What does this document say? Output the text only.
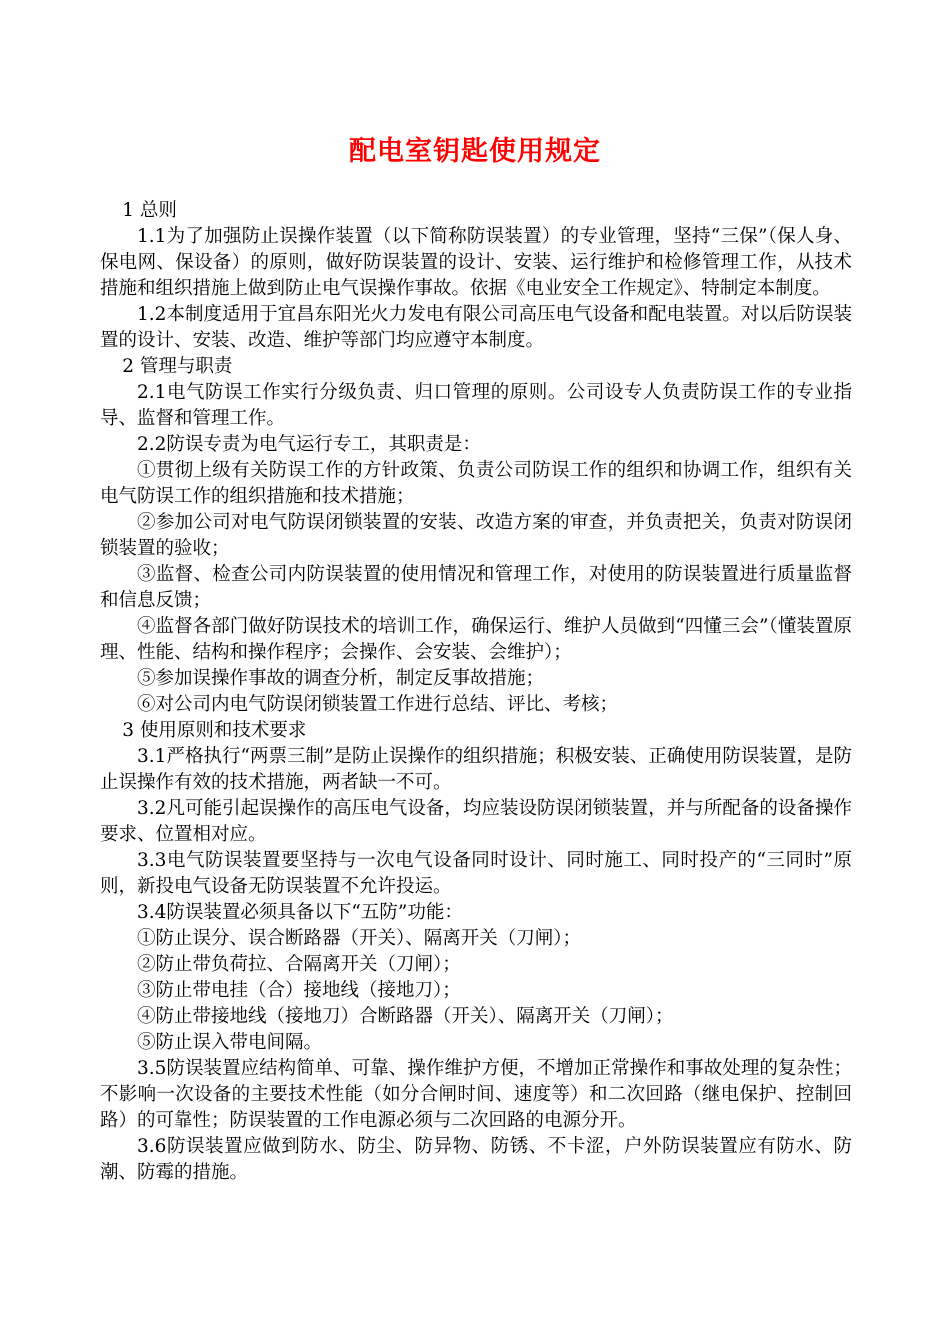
配电室钥匙使用规定

1 总则

1.1为了加强防止误操作装置（以下简称防误装置）的专业管理，坚持“三保”（保人身、保电网、保设备）的原则，做好防误装置的设计、安装、运行维护和检修管理工作，从技术措施和组织措施上做到防止电气误操作事故。依据《电业安全工作规定》、特制定本制度。

1.2本制度适用于宜昌东阳光火力发电有限公司高压电气设备和配电装置。对以后防误装置的设计、安装、改造、维护等部门均应遵守本制度。

2 管理与职责

2.1电气防误工作实行分级负责、归口管理的原则。公司设专人负责防误工作的专业指导、监督和管理工作。

2.2防误专责为电气运行专工，其职责是：

①贯彻上级有关防误工作的方针政策、负责公司防误工作的组织和协调工作，组织有关电气防误工作的组织措施和技术措施；

②参加公司对电气防误闭锁装置的安装、改造方案的审查，并负责把关，负责对防误闭锁装置的验收；

③监督、检查公司内防误装置的使用情况和管理工作，对使用的防误装置进行质量监督和信息反馈；

④监督各部门做好防误技术的培训工作，确保运行、维护人员做到“四懂三会”（懂装置原理、性能、结构和操作程序；会操作、会安装、会维护）；

⑤参加误操作事故的调查分析，制定反事故措施；

⑥对公司内电气防误闭锁装置工作进行总结、评比、考核；

3 使用原则和技术要求

3.1严格执行“两票三制”是防止误操作的组织措施；积极安装、正确使用防误装置，是防止误操作有效的技术措施，两者缺一不可。

3.2凡可能引起误操作的高压电气设备，均应装设防误闭锁装置，并与所配备的设备操作要求、位置相对应。

3.3电气防误装置要坚持与一次电气设备同时设计、同时施工、同时投产的“三同时”原则，新投电气设备无防误装置不允许投运。

3.4防误装置必须具备以下“五防”功能：

①防止误分、误合断路器（开关）、隔离开关（刀闸）；

②防止带负荷拉、合隔离开关（刀闸）；

③防止带电挂（合）接地线（接地刀）；

④防止带接地线（接地刀）合断路器（开关）、隔离开关（刀闸）；

⑤防止误入带电间隔。

3.5防误装置应结构简单、可靠、操作维护方便，不增加正常操作和事故处理的复杂性；不影响一次设备的主要技术性能（如分合闸时间、速度等）和二次回路（继电保护、控制回路）的可靠性；防误装置的工作电源必须与二次回路的电源分开。

3.6防误装置应做到防水、防尘、防异物、防锈、不卡涩，户外防误装置应有防水、防潮、防霉的措施。
